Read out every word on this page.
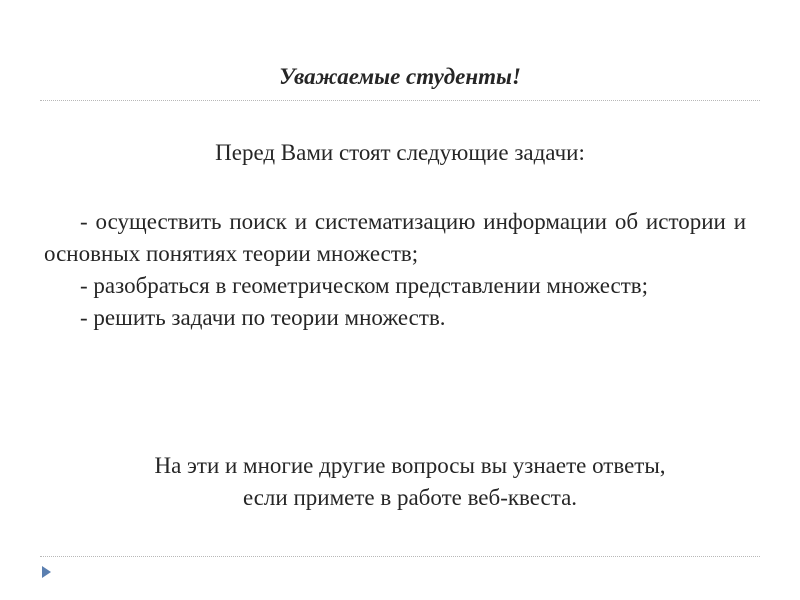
Уважаемые студенты!
Перед Вами стоят следующие задачи:

- осуществить поиск и систематизацию информации об истории и основных понятиях теории множеств;

- разобраться в геометрическом представлении множеств;

- решить задачи по теории множеств.

На эти и многие другие вопросы вы узнаете ответы,
если примете в работе веб-квеста.
